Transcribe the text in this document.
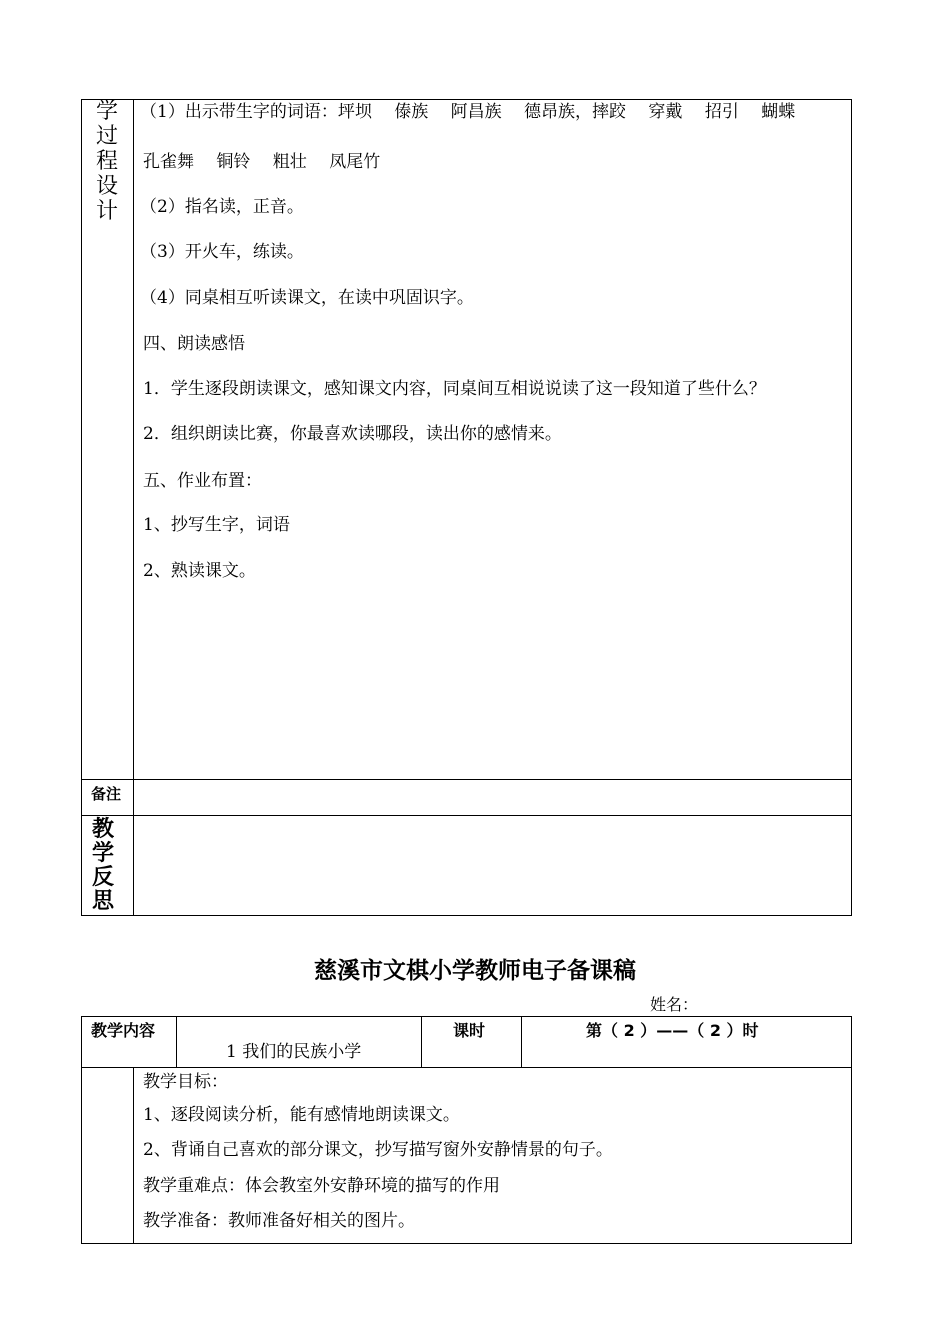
学
过
程
设
计
（1）出示带生字的词语：坪坝　 傣族　 阿昌族　 德昂族，摔跤　 穿戴　 招引　 蝴蝶
孔雀舞　 铜铃　 粗壮　 凤尾竹
（2）指名读，正音。
（3）开火车，练读。
（4）同桌相互听读课文，在读中巩固识字。
四、朗读感悟
1．学生逐段朗读课文，感知课文内容，同桌间互相说说读了这一段知道了些什么？
2．组织朗读比赛，你最喜欢读哪段，读出你的感情来。
五、作业布置：
1、抄写生字，词语
2、熟读课文。
备注
教
学
反
思
慈溪市文棋小学教师电子备课稿
姓名：
教学内容
1 我们的民族小学
课时	第（ 2 ）——（ 2 ）时
教学目标：
1、逐段阅读分析，能有感情地朗读课文。
2、背诵自己喜欢的部分课文，抄写描写窗外安静情景的句子。
教学重难点：体会教室外安静环境的描写的作用
教学准备：教师准备好相关的图片。
